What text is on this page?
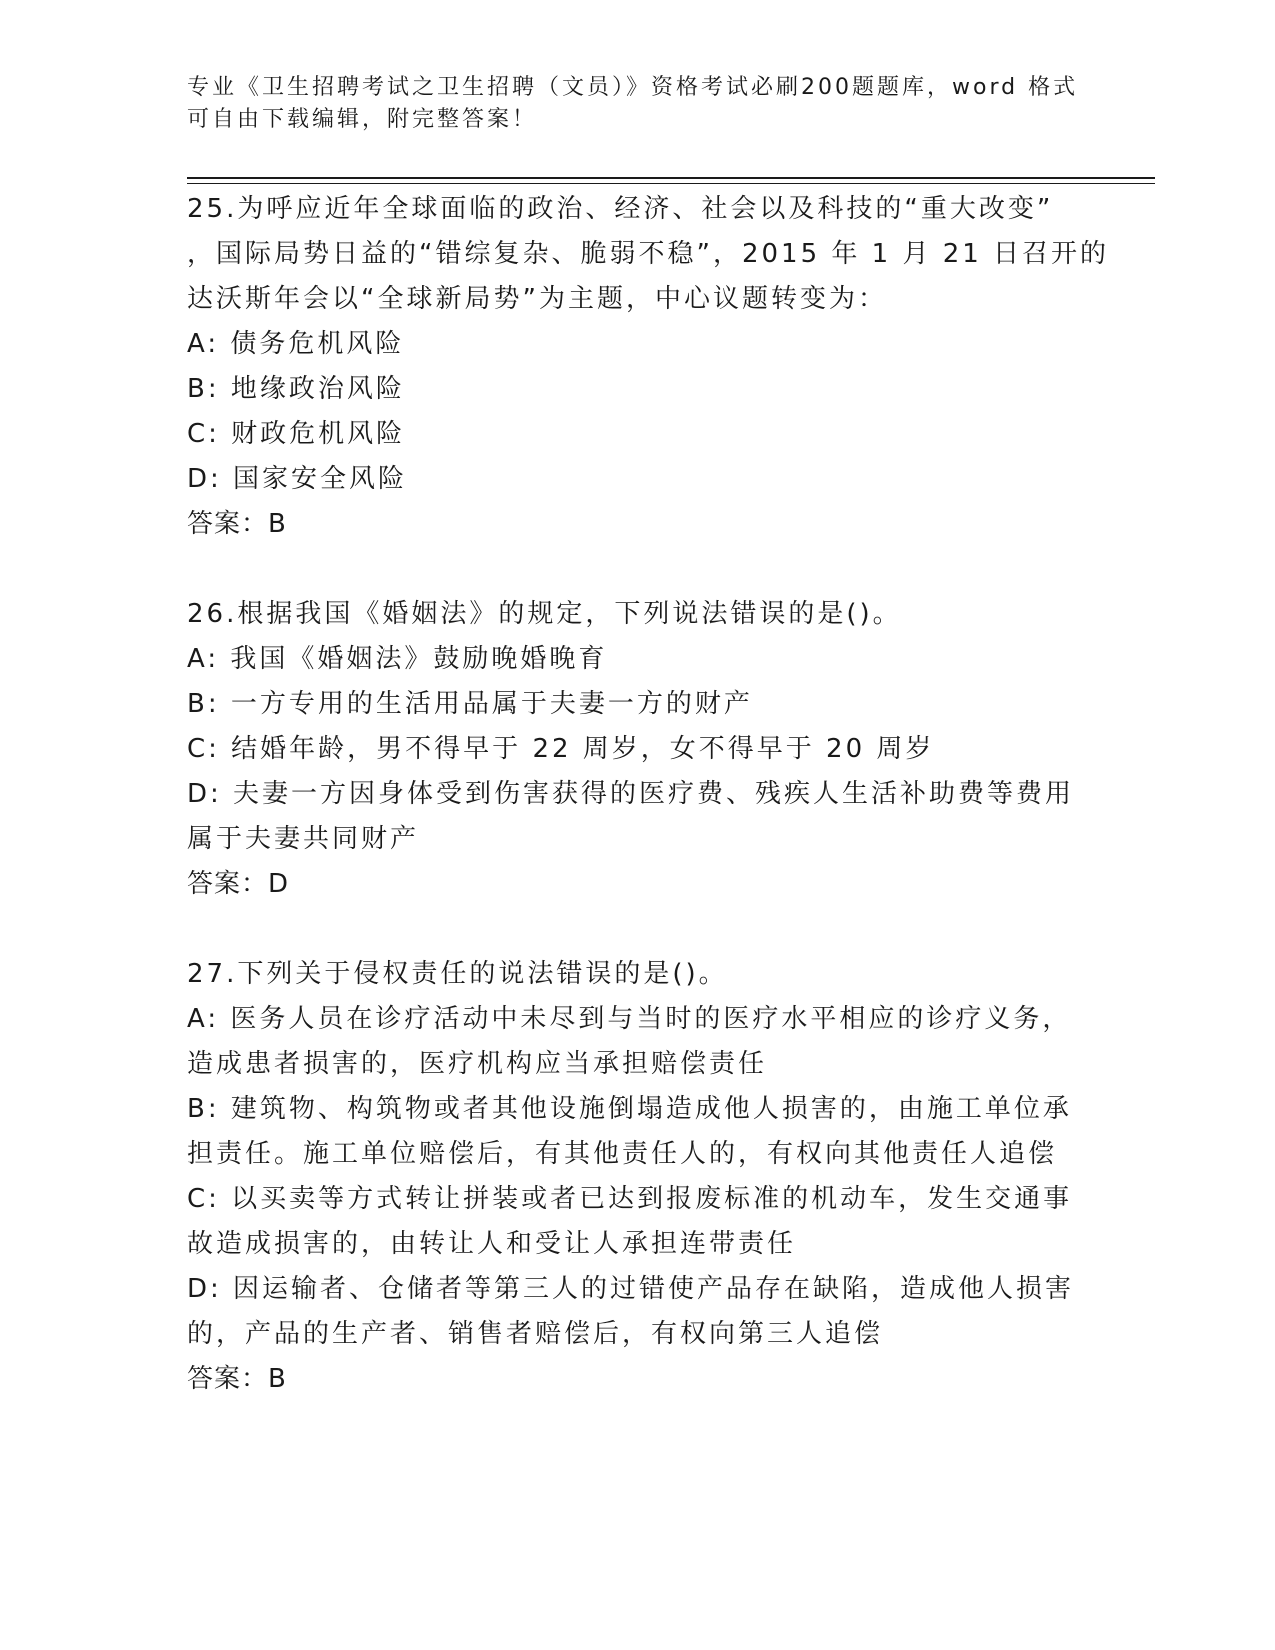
专业《卫生招聘考试之卫生招聘（文员）》资格考试必刷200题题库，word 格式
可自由下载编辑，附完整答案！
25.为呼应近年全球面临的政治、经济、社会以及科技的“重大改变”
，国际局势日益的“错综复杂、脆弱不稳”，2015 年 1 月 21 日召开的
达沃斯年会以“全球新局势”为主题，中心议题转变为：
A: 债务危机风险
B: 地缘政治风险
C: 财政危机风险
D: 国家安全风险
答案：B
26.根据我国《婚姻法》的规定，下列说法错误的是()。
A: 我国《婚姻法》鼓励晚婚晚育
B: 一方专用的生活用品属于夫妻一方的财产
C: 结婚年龄，男不得早于 22 周岁，女不得早于 20 周岁
D: 夫妻一方因身体受到伤害获得的医疗费、残疾人生活补助费等费用
属于夫妻共同财产
答案：D
27.下列关于侵权责任的说法错误的是()。
A: 医务人员在诊疗活动中未尽到与当时的医疗水平相应的诊疗义务，
造成患者损害的，医疗机构应当承担赔偿责任
B: 建筑物、构筑物或者其他设施倒塌造成他人损害的，由施工单位承
担责任。施工单位赔偿后，有其他责任人的，有权向其他责任人追偿
C: 以买卖等方式转让拼装或者已达到报废标准的机动车，发生交通事
故造成损害的，由转让人和受让人承担连带责任
D: 因运输者、仓储者等第三人的过错使产品存在缺陷，造成他人损害
的，产品的生产者、销售者赔偿后，有权向第三人追偿
答案：B
